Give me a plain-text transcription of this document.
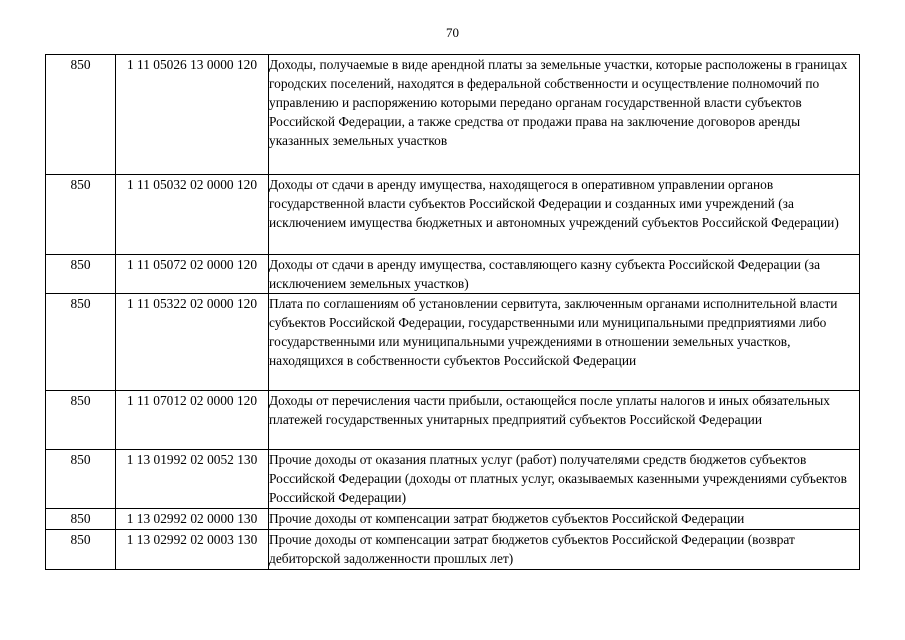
70
850	1 11 05026 13 0000 120	Доходы, получаемые в виде арендной платы за земельные участки, которые расположены в границах городских поселений, находятся в федеральной собственности и осуществление полномочий по управлению и распоряжению которыми передано органам государственной власти субъектов Российской Федерации, а также средства от продажи права на заключение договоров аренды указанных земельных участков
850	1 11 05032 02 0000 120	Доходы от сдачи в аренду имущества, находящегося в оперативном управлении органов государственной власти субъектов Российской Федерации и созданных ими учреждений (за исключением имущества бюджетных и автономных учреждений субъектов Российской Федерации)
850	1 11 05072 02 0000 120	Доходы от сдачи в аренду имущества, составляющего казну субъекта Российской Федерации (за исключением земельных участков)
850	1 11 05322 02 0000 120	Плата по соглашениям об установлении сервитута, заключенным органами исполнительной власти субъектов Российской Федерации, государственными или муниципальными предприятиями либо государственными или муниципальными учреждениями в отношении земельных участков, находящихся в собственности субъектов Российской Федерации
850	1 11 07012 02 0000 120	Доходы от перечисления части прибыли, остающейся после уплаты налогов и иных обязательных платежей государственных унитарных предприятий субъектов Российской Федерации
850	1 13 01992 02 0052 130	Прочие доходы от оказания платных услуг (работ) получателями средств бюджетов субъектов Российской Федерации (доходы от платных услуг, оказываемых казенными учреждениями субъектов Российской Федерации)
850	1 13 02992 02 0000 130	Прочие доходы от компенсации затрат бюджетов субъектов Российской Федерации
850	1 13 02992 02 0003 130	Прочие доходы от компенсации затрат бюджетов субъектов Российской Федерации (возврат дебиторской задолженности прошлых лет)
